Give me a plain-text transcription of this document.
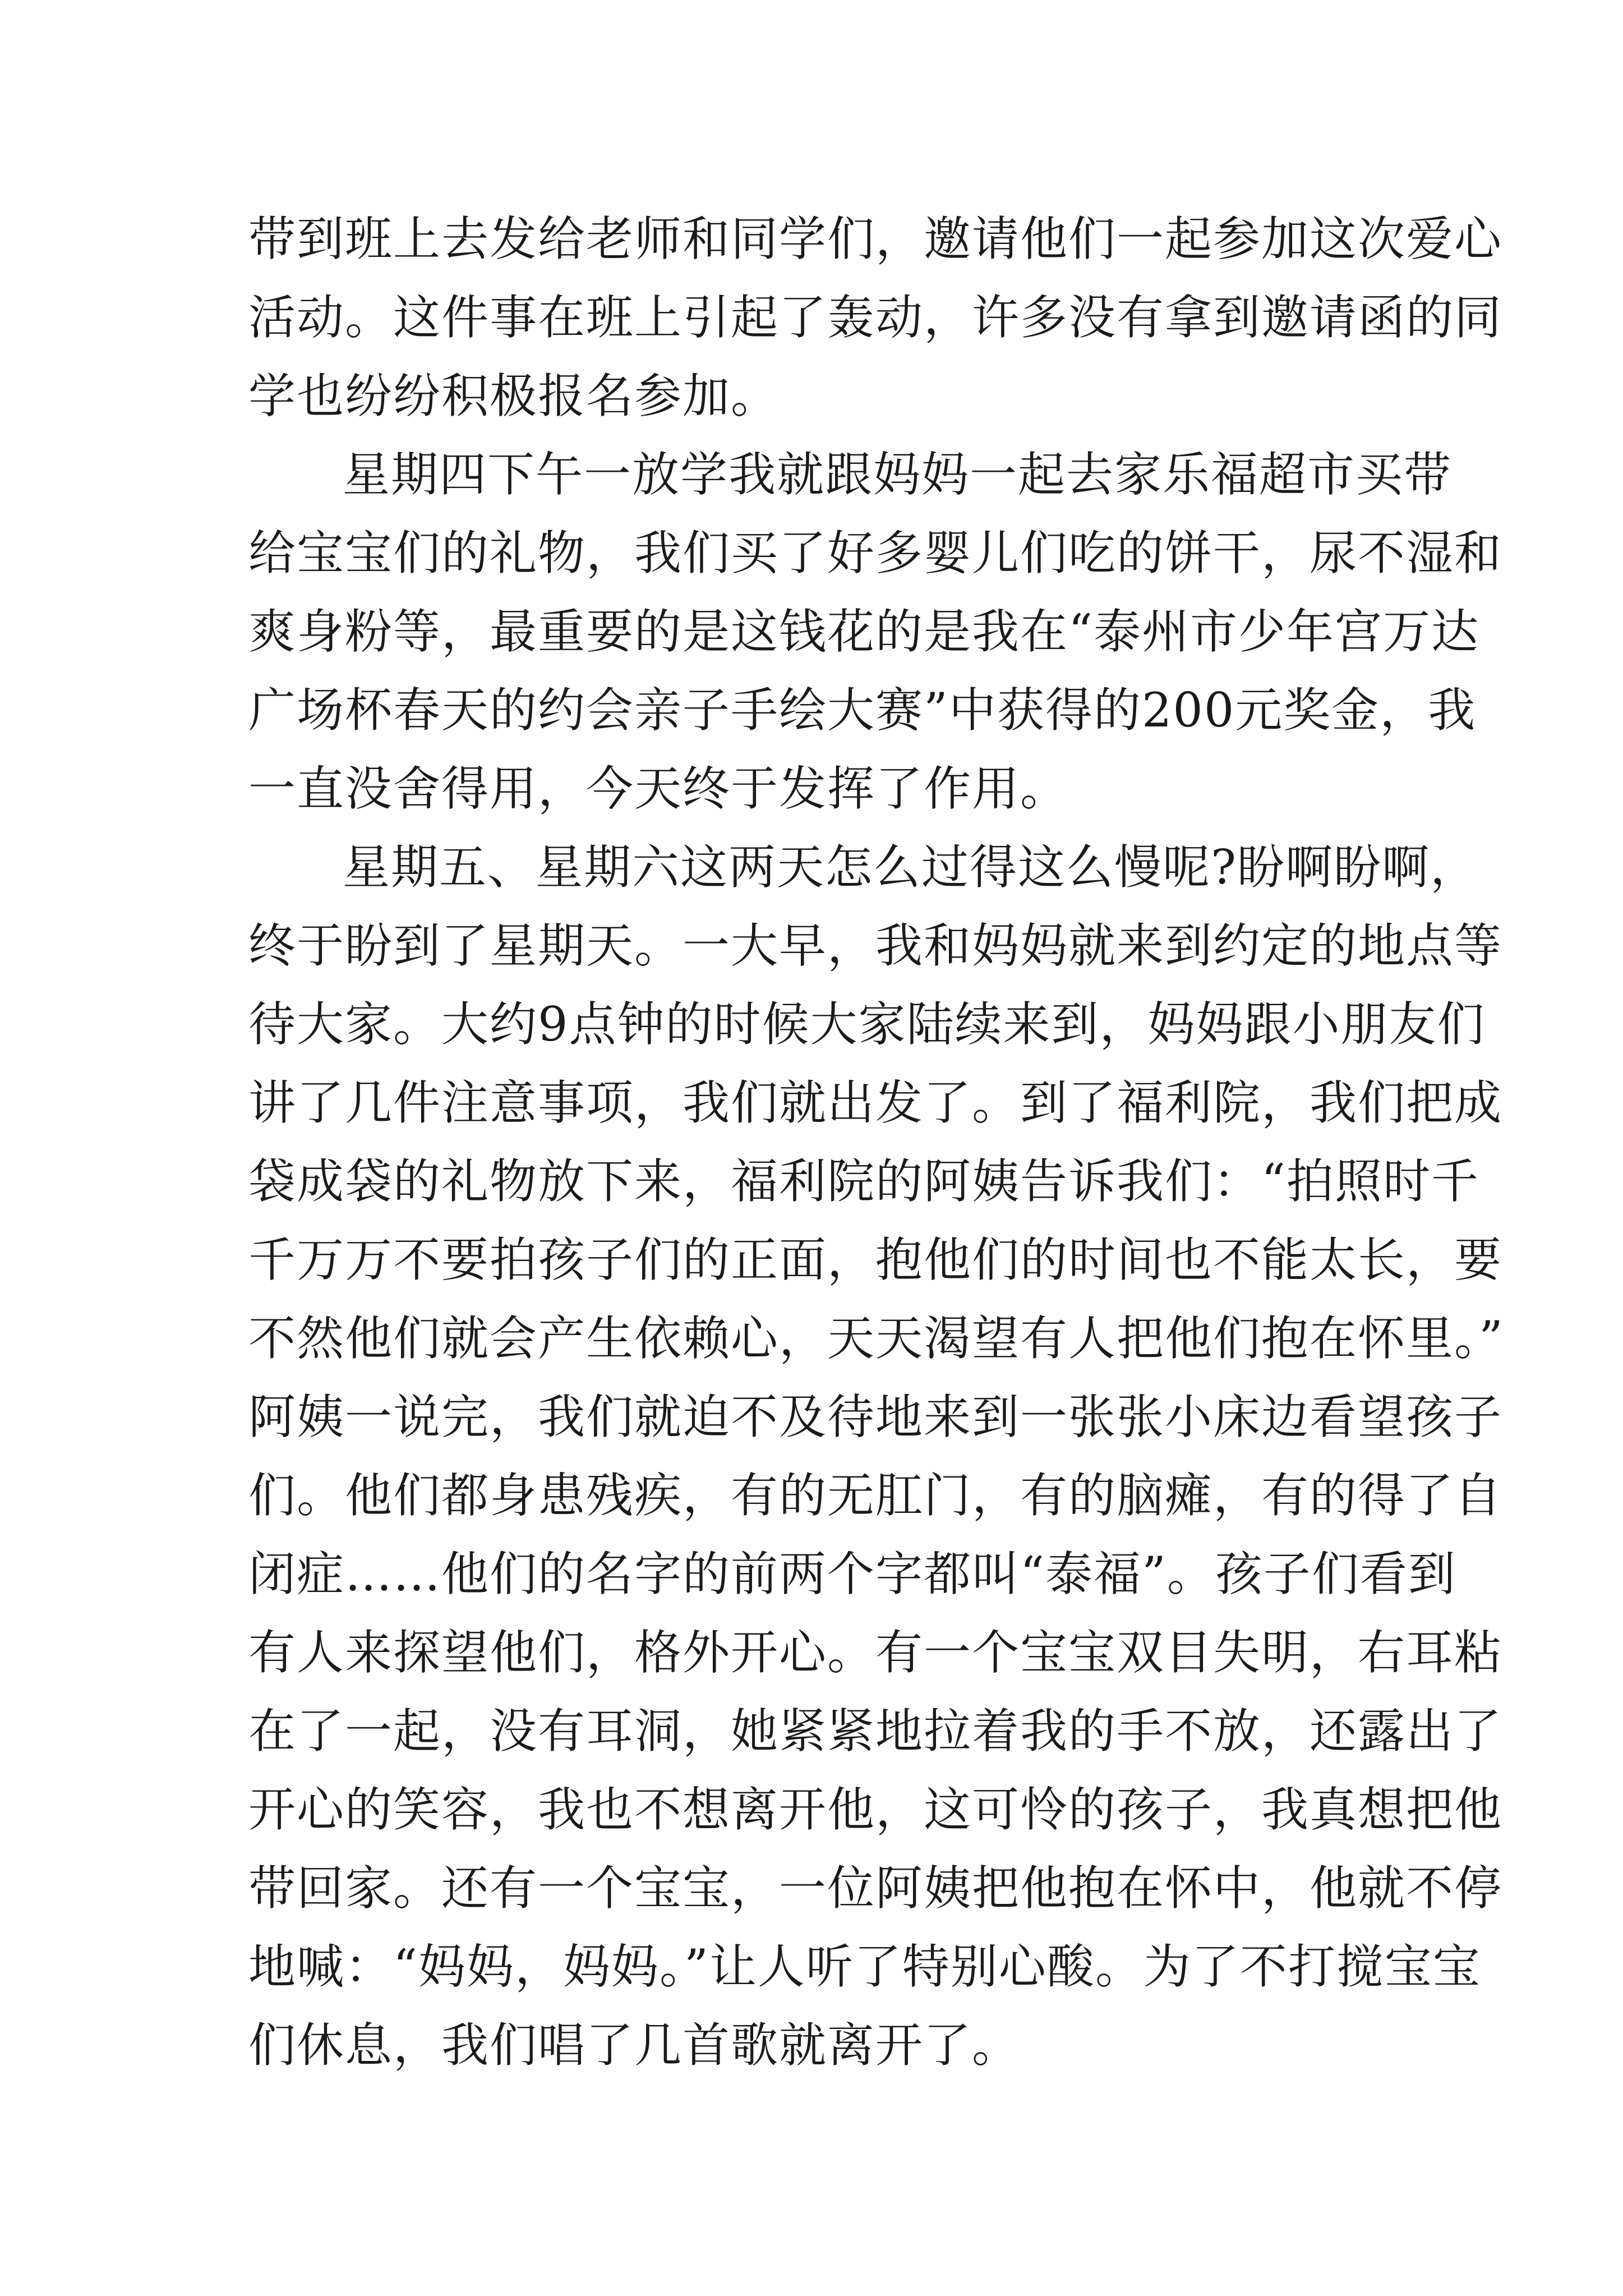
带到班上去发给老师和同学们，邀请他们一起参加这次爱心
活动。这件事在班上引起了轰动，许多没有拿到邀请函的同
学也纷纷积极报名参加。
星期四下午一放学我就跟妈妈一起去家乐福超市买带
给宝宝们的礼物，我们买了好多婴儿们吃的饼干，尿不湿和
爽身粉等，最重要的是这钱花的是我在“泰州市少年宫万达
广场杯春天的约会亲子手绘大赛”中获得的200元奖金，我
一直没舍得用，今天终于发挥了作用。
星期五、星期六这两天怎么过得这么慢呢?盼啊盼啊，
终于盼到了星期天。一大早，我和妈妈就来到约定的地点等
待大家。大约9点钟的时候大家陆续来到，妈妈跟小朋友们
讲了几件注意事项，我们就出发了。到了福利院，我们把成
袋成袋的礼物放下来，福利院的阿姨告诉我们：“拍照时千
千万万不要拍孩子们的正面，抱他们的时间也不能太长，要
不然他们就会产生依赖心，天天渴望有人把他们抱在怀里。”
阿姨一说完，我们就迫不及待地来到一张张小床边看望孩子
们。他们都身患残疾，有的无肛门，有的脑瘫，有的得了自
闭症……他们的名字的前两个字都叫“泰福”。孩子们看到
有人来探望他们，格外开心。有一个宝宝双目失明，右耳粘
在了一起，没有耳洞，她紧紧地拉着我的手不放，还露出了
开心的笑容，我也不想离开他，这可怜的孩子，我真想把他
带回家。还有一个宝宝，一位阿姨把他抱在怀中，他就不停
地喊：“妈妈，妈妈。”让人听了特别心酸。为了不打搅宝宝
们休息，我们唱了几首歌就离开了。
